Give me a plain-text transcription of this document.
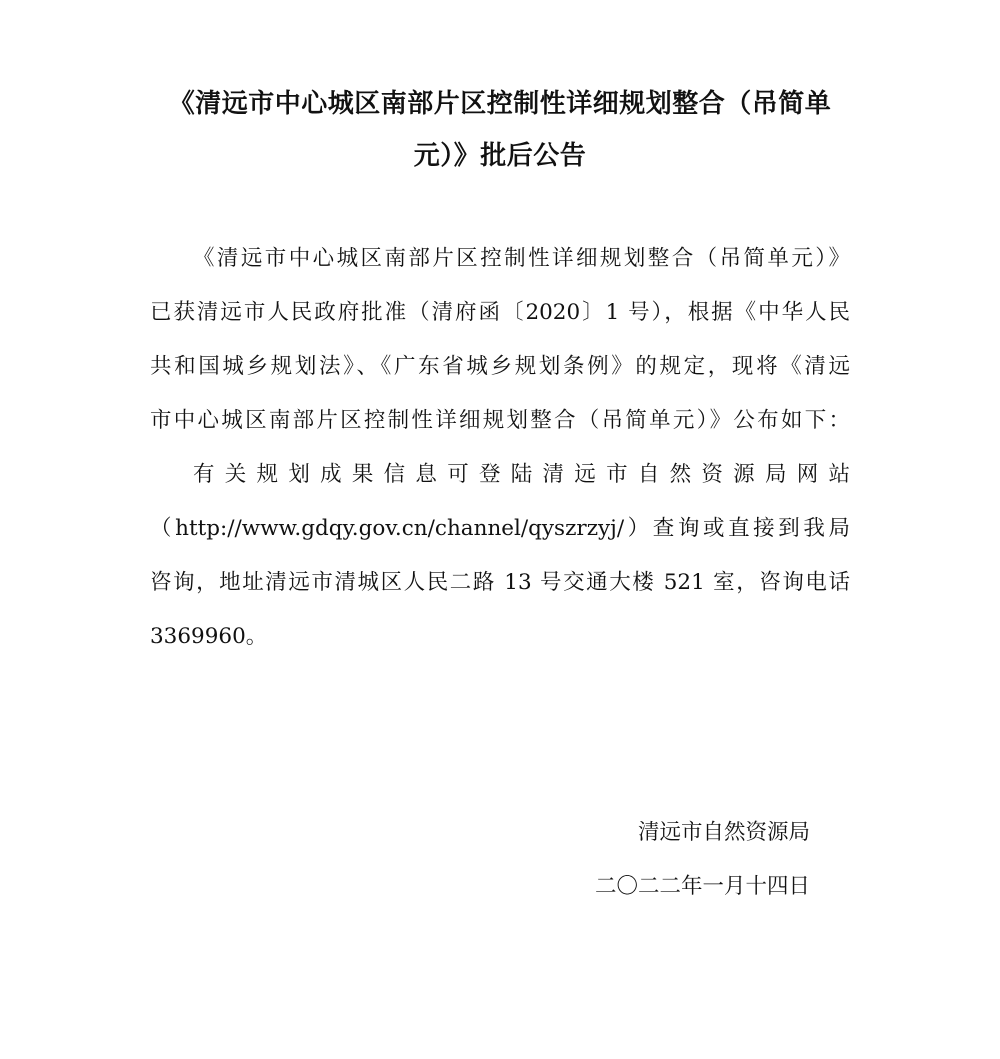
《清远市中心城区南部片区控制性详细规划整合（吊简单
元）》批后公告
《清远市中心城区南部片区控制性详细规划整合（吊简单元）》
已获清远市人民政府批准（清府函〔2020〕1 号），根据《中华人民
共和国城乡规划法》、《广东省城乡规划条例》的规定，现将《清远
市中心城区南部片区控制性详细规划整合（吊简单元）》公布如下：
有关规划成果信息可登陆清远市自然资源局网站
（http://www.gdqy.gov.cn/channel/qyszrzyj/）查询或直接到我局
咨询，地址清远市清城区人民二路 13 号交通大楼 521 室，咨询电话
3369960。
清远市自然资源局
二〇二二年一月十四日
